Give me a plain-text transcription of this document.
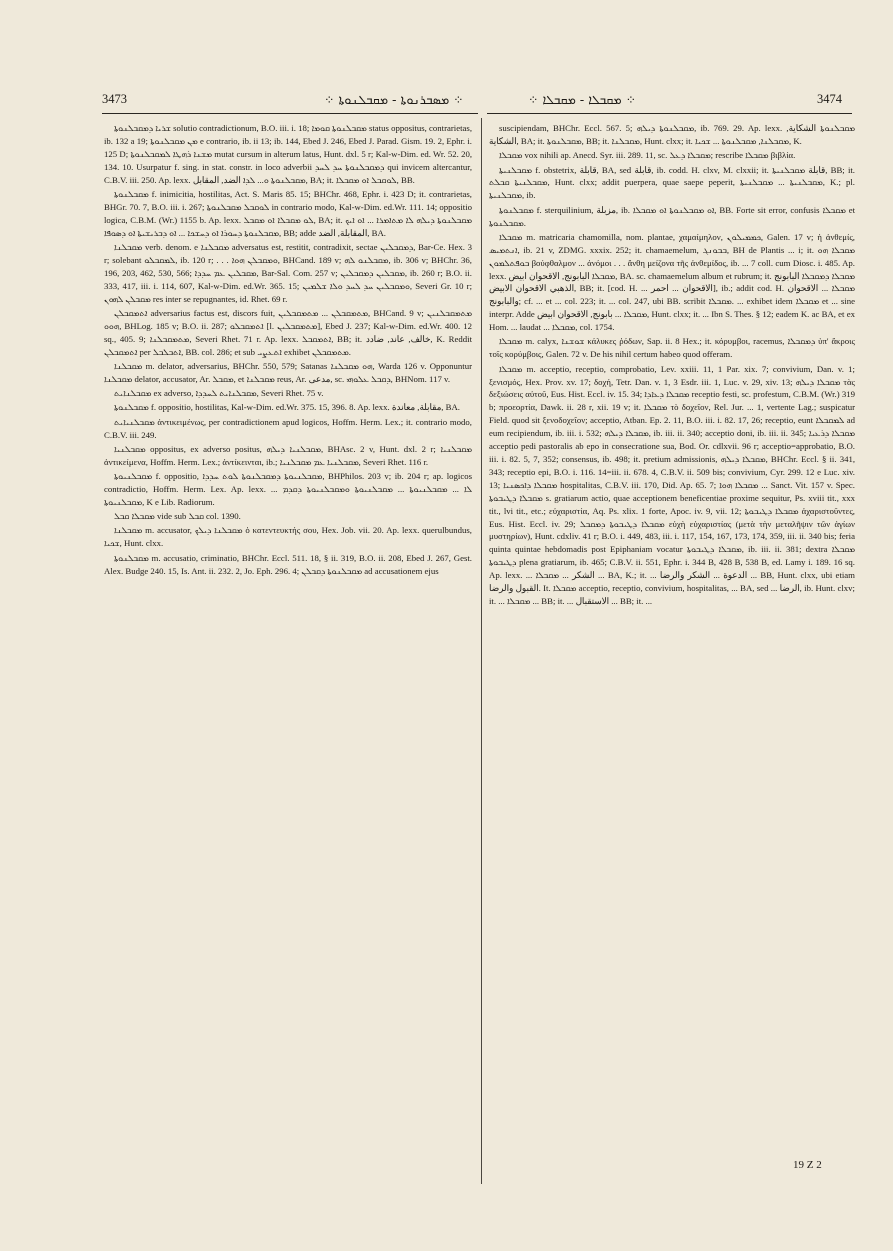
3473	⁘ ܡܣܒܪܢܘܬܐ - ܡܩܒܠܢܘܬܐ ⁘	⁘ ܡܩܒܠܐ - ܡܩܒܠܐ ⁘	3474

ܫܪܝܐ ܕܡܩܒܠܢܘܬܐ solutio contradictionum, B.O. iii. i. 18; ܡܩܒܠܢܘܬܐ ܩܘܡܐ status oppositus, contrarietas, ib. 132 a 19; ܡܢ ܡܩܒܠܢܘܬܐ e contrario, ib. ii 13; ib. 144, Ebed J. 246, Ebed J. Parad. Gism. 19. 2, Ephr. i. 125 D; ܡܫܢܐ ܪܗܛܐ ܠܡܩܒܠܢܘܬܐ mutat cursum in alterum latus, Hunt. dxl. 5 r; Kal-w-Dim. ed. Wr. 52. 20, 134. 10. Usurpatur f. sing. in stat. constr. in loco adverbii ܕܡܩܒܠܢܘܬܐ ܚܕ ܠܚܕ qui invicem altercantur, C.B.V. iii. 250. Ap. lexx. ܡܩܒܠܢܘܬܐ ܘ... ܠܕܐ الضد, المقابل, BA; it. ܠܘܩܒܠ ܐܘ ܡܩܒܠܐ, BB.

ܡܩܒܠܢܘܬܐ f. inimicitia, hostilitas, Act. S. Maris 85. 15; BHChr. 468, Ephr. i. 423 D; it. contrarietas, BHGr. 70. 7, B.O. iii. i. 267; ܠܘܩܒܠ ܡܩܒܠܢܘܬܐ in contrario modo, Kal-w-Dim. ed.Wr. 111. 14; oppositio logica, C.B.M. (Wr.) 1155 b. Ap. lexx. ܠܘ ܡܩܒܠܐ ܐܘ ܡܩܒܠ, BA; it. ܡܩܒܠܢܘܬܐ ܕܝܠܗ ܠܐ ܡܬܐܡܪܐ ... ܐܘ ܐܝܟ ܡܩܒܠܢܘܬܐ ܕܚܘܪܐ ܐܘ ܕܚܫܟܐ ... ܐܘ ܕܒܪܝܫܝܬܐ ܐܘ ܕܣܘܦܐ, BB; adde المقابلة, الضد, BA.

ܡܩܒܠܢܐ verb. denom. e ܡܩܒܠܢܐ adversatus est, restitit, contradixit, sectae ܕܡܩܒܠܝܢ, Bar-Ce. Hex. 3 r; solebant ܠܡܩܒܠܘ, ib. 120 r; . . . ܘܡܩܒܠܢ ܗܘܐ, BHCand. 189 v; ܡܩܒܠܢܘ ܠܗ, ib. 306 v; BHChr. 36, 196, 203, 462, 530, 566; ܡܩܒܠܝܢ ܥܡ ܚܕܕܐ, Bar-Sal. Com. 257 v; ܡܩܒܠܝܢ ܕܡܩܒܠܝܢ, ib. 260 r; B.O. ii. 333, 417, iii. i. 114, 607, Kal-w-Dim. ed.Wr. 365. 15; ܘܡܩܒܠܝܢ ܚܕ ܠܚܕ ܘܠܐ ܫܠܡܝܢ, Severi Gr. 10 r; ܡܩܒܠܢ ܠܗܘܢ res inter se repugnantes, id. Rhet. 69 r.

ܐܬܡܩܒܠܢ adversarius factus est, discors fuit, ܡܬܡܩܒܠܢ ... ܡܬܡܩܒܠܝܢ, BHCand. 9 v; ܡܬܡܩܒܠܢܝܢ ܗܘܘ, BHLog. 185 v; B.O. ii. 287; ܐܬܡܩܒܠܘ [l. ܡܬܡܩܒܠܝܢ], Ebed J. 237; Kal-w-Dim. ed.Wr. 400. 12 sq., 405. 9; ܡܬܡܩܒܠܢܐ, Severi Rhet. 71 r. Ap. lexx. ܐܬܡܩܒܠ, BB; it. خالف, عاند, ضادد, K. Reddit ܐܬܡܩܒܠܢ per ܐܬܒܠܒܠ, BB. col. 286; et sub ܐܬܥܨܝ exhibet ܡܬܡܩܒܠܢ.

ܡܩܒܠܢܐ m. delator, adversarius, BHChr. 550, 579; Satanas ܗܘ ܡܩܒܠܢܐ, Warda 126 v. Opponuntur ܡܩܒܠܢܐ delator, accusator, Ar. ܡܩܒܠ, et ܡܩܒܠܢܐ reus, Ar. مدعى, sc. ܕܩܒܠ ܥܠܘܗܝ, BHNom. 117 v.

ܡܩܒܠܢܐܝܬ ex adverso, ܡܩܒܠܢܐܝܬ ܠܚܕܕܐ, Severi Rhet. 75 v.

ܡܩܒܠܢܘܬܐ f. oppositio, hostilitas, Kal-w-Dim. ed.Wr. 375. 15, 396. 8. Ap. lexx. مقابلة, معاندة, BA.

ܡܩܒܠܢܝܐܝܬ ἀντικειμένως, per contradictionem apud logicos, Hoffm. Herm. Lex.; it. contrario modo, C.B.V. iii. 249.

ܡܩܒܠܢܝܐ oppositus, ex adverso positus, ܡܩܒܠܢܝܐ ܕܝܠܗ, BHAsc. 2 v, Hunt. dxl. 2 r; ܡܩܒܠܢܝܐ ἀντικείμενα, Hoffm. Herm. Lex.; ἀντίκεινται, ib.; ܡܩܒܠܢܝܐ ܥܡ ܡܩܒܠܢܝܐ, Severi Rhet. 116 r.

ܡܩܒܠܢܝܘܬܐ f. oppositio, ܡܩܒܠܢܝܘܬܐ ܕܡܩܒܠܢܘܬܐ ܠܘܬ ܚܕܕܐ, BHPhilos. 203 v; ib. 204 r; ap. logicos contradictio, Hoffm. Herm. Lex. Ap. lexx. ܠܐ ... ܡܩܒܠܢܝܘܬܐ ... ܡܩܒܠܢܝܘܬܐ ܘܡܩܒܠܢܝܘܬܐ ܕܩܕܡ ... ܡܩܒܠܢܝܘܬܐ, K e Lib. Radiorum.

ܡܩܒܠܐ ܩܒܠ vide sub ܩܒܠ col. 1390.

ܡܩܒܠܢܐ m. accusator, ܡܩܒܠܢܐ ܕܝܠܟ ὁ κατεντευκτής σου, Hex. Job. vii. 20. Ap. lexx. querulbundus, ܫܟܝܐ, Hunt. clxx.

ܡܩܒܠܢܘܬܐ m. accusatio, criminatio, BHChr. Eccl. 511. 18, § ii. 319, B.O. ii. 208, Ebed J. 267, Gest. Alex. Budge 240. 15, Is. Ant. ii. 232. 2, Jo. Eph. 296. 4; ܡܩܒܠܢܘܬܐ ܕܩܒܠܢ ad accusationem ejus

suscipiendam, BHChr. Eccl. 567. 5; ܡܩܒܠܢܘܬܐ ܕܝܠܗ, ib. 769. 29. Ap. lexx. ܡܩܒܠܢܘܬܐ الشكاية, الشكاية, BA; it. ܡܩܒܠܢܘܬܐ, BB; it. ܡܩܒܠܢܐ, Hunt. clxx; it. ܡܩܒܠܢܐ, ܡܩܒܠܢܘܬܐ ... ܫܟܝܐ, K.

ܡܩܒܠܐ vox nihili ap. Anecd. Syr. iii. 289. 11, sc. ܡܩܒܠܐ ܕܥܠ; rescribe ܡܩܒܠܐ βιβλία.

ܡܩܒܠܢܝܬܐ f. obstetrix, قابلة, BA, sed قابلة, ib. codd. H. clxv, M. clxxii; it. قابلة ܡܩܒܠܢܝܬܐ, BB; it. ܡܩܒܠܢܝܬܐ ܩܒܠܬ, Hunt. clxx; addit puerpera, quae saepe peperit, ܡܩܒܠܢܝܬܐ ... ܡܩܒܠܢܝܬܐ, K.; pl. ܡܩܒܠܢܝܬܐ, ib.

ܡܩܒܠܢܘܬܐ f. sterquilinium, مزبلة, ib. ܐܘ ܡܩܒܠܢܘܬܐ ܐܘ ܡܩܒܠܐ, BB. Forte sit error, confusis ܡܩܒܠܐ et ܡܩܒܠܢܘܬܐ.

ܡܩܒܠܐ m. matricaria chamomilla, nom. plantae, χαμαίμηλον, ܟܡܡܝܠܘܢ, Galen. 17 v; ἡ ἀνθεμίς, ܐܢܬܡܝܣ, ib. 21 v, ZDMG. xxxix. 252; it. chamaemelum, ܒܒܘܢܓ, BH de Plantis ... i; it. ܡܩܒܠܐ ܗܘ ܒܘܦܬܠܡܘܢ βούφθαλμον ... ἀνόμοι . . . ἄνθη μείζονα τῆς ἀνθεμίδος, ib. ... 7 coll. cum Diosc. i. 485. Ap. lexx. ܡܩܒܠܐ البابونج, الاقحوان ابيض, BA. sc. chamaemelum album et rubrum; it. ܡܩܒܠܐ ܕܡܩܒܠܐ البابونج الذهبي الاقحوان الابيض, BB; it. [cod. H. ... الاقحوان ... احمر], ib.; addit cod. H. ܡܩܒܠܐ ... الاقحوان والبابونج; cf. ... et ... col. 223; it. ... col. 247, ubi BB. scribit ܡܩܒܠܐ. ... exhibet idem ܡܩܒܠܐ et ... sine interpr. Adde ܡܩܒܠܐ ... بابونج, الاقحوان ابيض, Hunt. clxx; it. ... Ibn S. Thes. § 12; eadem K. ac BA, et ex Hom. ... laudat ... ܡܩܒܠܐ, col. 1754.

ܡܩܒܠܐ m. calyx, ܫܘܫܢܐ κάλυκες ῥόδων, Sap. ii. 8 Hex.; it. κόρυμβοι, racemus, ܕܡܩܒܠܐ ὑπ' ἄκροις τοῖς κορύμβοις, Galen. 72 v. De his nihil certum habeo quod offeram.

ܡܩܒܠܐ m. acceptio, receptio, comprobatio, Lev. xxiii. 11, 1 Par. xix. 7; convivium, Dan. v. 1; ξενισμός, Hex. Prov. xv. 17; δοχή, Tetr. Dan. v. 1, 3 Esdr. iii. 1, Luc. v. 29, xiv. 13; ܡܩܒܠܐ ܕܝܠܗ τὰς δεξιώσεις αὐτοῦ, Eus. Hist. Eccl. iv. 15. 34; ܡܩܒܠܐ ܕܥܐܕܐ receptio festi, sc. profestum, C.B.M. (Wr.) 319 b; προεορτία, Dawk. ii. 28 r, xii. 19 v; it. ܡܩܒܠܐ τὸ δοχεῖον, Rel. Jur. ... 1, vertente Lag.; suspicatur Field. quod sit ξενοδοχεῖον; acceptio, Atban. Ep. 2. 11, B.O. iii. i. 82. 17, 26; receptio, eunt ܠܡܩܒܠܐ ad eum recipiendum, ib. iii. i. 532; ܡܩܒܠܐ ܕܝܠܗ, ib. iii. ii. 340; acceptio doni, ib. iii. ii. 345; ܡܩܒܠܐ ܕܪܥܝܐ acceptio pedi pastoralis ab epo in consecratione sua, Bod. Or. cdlxvii. 96 r; acceptio=approbatio, B.O. iii. i. 82. 5, 7, 352; consensus, ib. 498; it. pretium admissionis, ܡܩܒܠܐ ܕܝܠܗ, BHChr. Eccl. § ii. 341, 343; receptio epi, B.O. i. 116. 14=iii. ii. 678. 4, C.B.V. ii. 509 bis; convivium, Cyr. 299. 12 e Luc. xiv. 13; ܡܩܒܠܐ ܕܐܟܣܢܝܐ hospitalitas, C.B.V. iii. 170, Did. Ap. 65. 7; ܡܩܒܠܐ ܗܘܐ ... Sanct. Vit. 157 v. Spec. ܡܩܒܠܐ ܕܛܝܒܘܬܐ s. gratiarum actio, quae acceptionem beneficentiae proxime sequitur, Ps. xviii tit., xxx tit., lvi tit., etc.; εὐχαριστία, Aq. Ps. xlix. 1 forte, Apoc. iv. 9, vii. 12; ܡܩܒܠܐ ܕܛܝܒܘܬܐ ἀχαριστοῦντες, Eus. Hist. Eccl. iv. 29; ܡܩܒܠܐ ܕܛܝܒܘܬܐ ܕܡܩܒܠ εὐχὴ εὐχαριστίας (μετὰ τὴν μεταλῆψιν τῶν ἁγίων μυστηρίων), Hunt. cdxliv. 41 r; B.O. i. 449, 483, iii. i. 117, 154, 167, 173, 174, 359, iii. ii. 340 bis; feria quinta quintae hebdomadis post Epiphaniam vocatur ܡܩܒܠܐ ܕܛܝܒܘܬܐ, ib. iii. ii. 381; dextra ܡܩܒܠܐ ܕܛܝܒܘܬܐ plena gratiarum, ib. 465; C.B.V. ii. 551, Ephr. i. 344 B, 428 B, 538 B, ed. Lamy i. 189. 16 sq. Ap. lexx. ... الشكر ... ܡܩܒܠܐ ... BA, K.; it. ... الدعوة ... الشكر والرضا ... BB, Hunt. clxx, ubi etiam القبول والرضا. It. ܡܩܒܠܐ acceptio, receptio, convivium, hospitalitas, ... BA, sed ... الرضا, ib. Hunt. clxv; it. ... ܡܩܒܠܐ ... BB; it. ... الاستقبال ... BB; it. ...

19 Z 2
